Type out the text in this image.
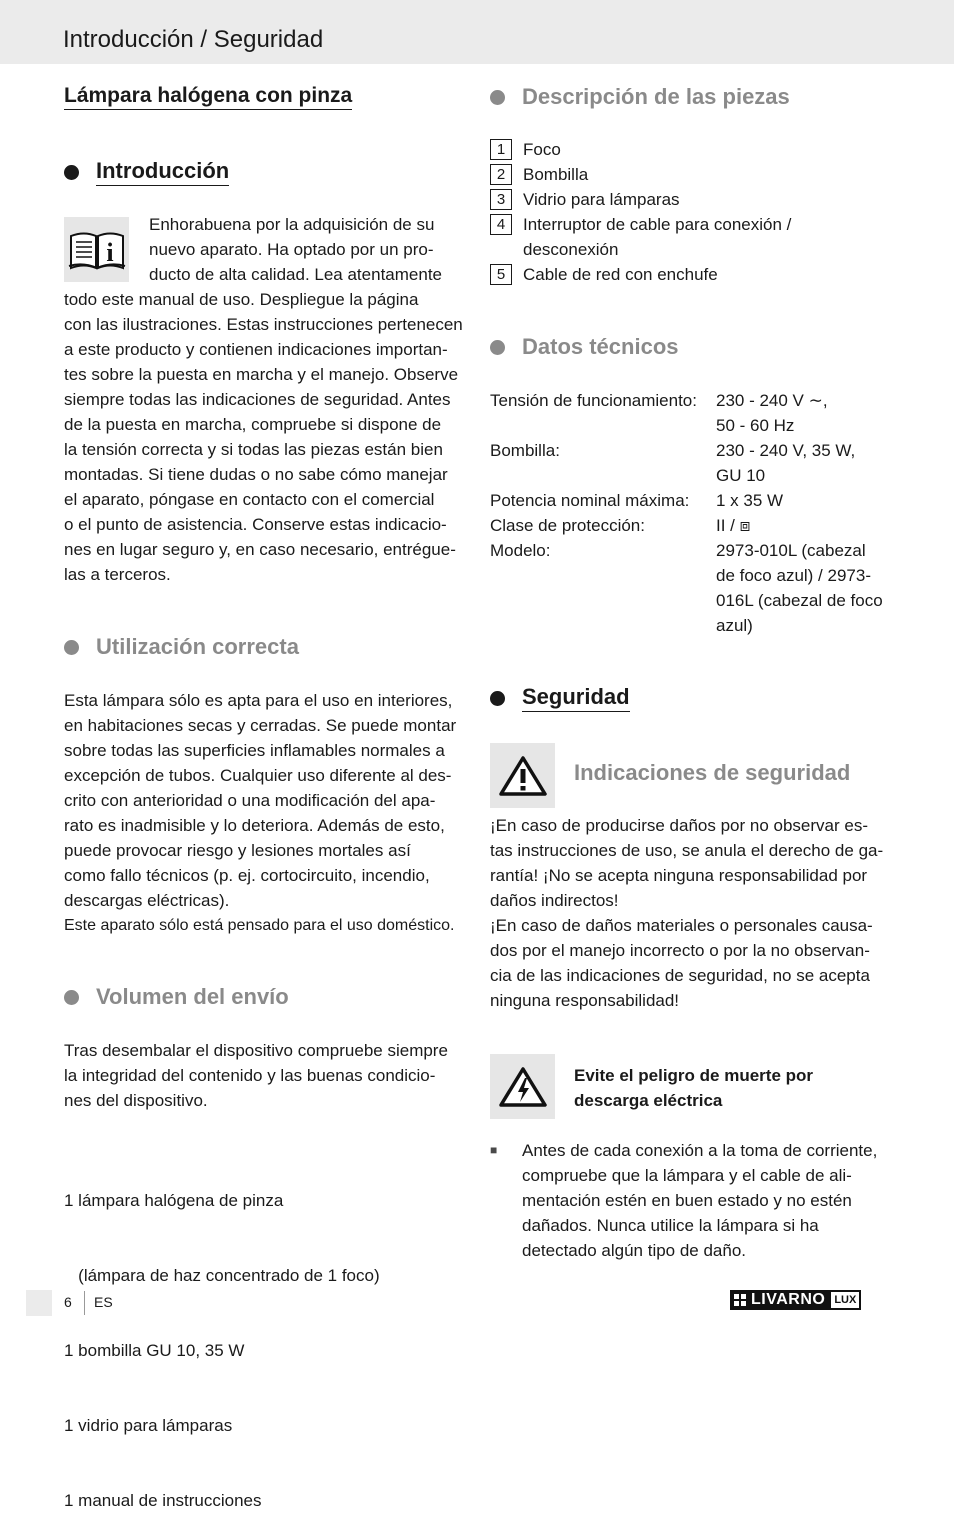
Introducción / Seguridad
Lámpara halógena con pinza
Introducción
i

Enhorabuena por la adquisición de su

nuevo aparato. Ha optado por un pro-

ducto de alta calidad. Lea atentamente

todo este manual de uso. Despliegue la página

con las ilustraciones. Estas instrucciones pertenecen

a este producto y contienen indicaciones importan-

tes sobre la puesta en marcha y el manejo. Observe

siempre todas las indicaciones de seguridad. Antes

de la puesta en marcha, compruebe si dispone de

la tensión correcta y si todas las piezas están bien

montadas. Si tiene dudas o no sabe cómo manejar

el aparato, póngase en contacto con el comercial

o el punto de asistencia. Conserve estas indicacio-

nes en lugar seguro y, en caso necesario, entrégue-

las a terceros.

Utilización correcta

Esta lámpara sólo es apta para el uso en interiores,

en habitaciones secas y cerradas. Se puede montar

sobre todas las superficies inflamables normales a

excepción de tubos. Cualquier uso diferente al des-

crito con anterioridad o una modificación del apa-

rato es inadmisible y lo deteriora. Además de esto,

puede provocar riesgo y lesiones mortales así

como fallo técnicos (p. ej. cortocircuito, incendio,

descargas eléctricas).

Este aparato sólo está pensado para el uso doméstico.

Volumen del envío

Tras desembalar el dispositivo compruebe siempre

la integridad del contenido y las buenas condicio-

nes del dispositivo.

1 lámpara halógena de pinza

(lámpara de haz concentrado de 1 foco)

1 bombilla GU 10, 35 W

1 vidrio para lámparas

1 manual de instrucciones

Descripción de las piezas
1	Foco
2	Bombilla
3	Vidrio para lámparas
4	Interruptor de cable para conexión / desconexión
5	Cable de red con enchufe
Datos técnicos
Tensión de funcionamiento:	230 - 240 V ∼, 50 - 60 Hz
Bombilla:	230 - 240 V, 35 W, GU 10
Potencia nominal máxima:	1 x 35 W
Clase de protección:	II / ⧈
Modelo:	2973-010L (cabezal de foco azul) / 2973-016L (cabezal de foco azul)
Seguridad
Indicaciones de seguridad

¡En caso de producirse daños por no observar es-

tas instrucciones de uso, se anula el derecho de ga-

rantía! ¡No se acepta ninguna responsabilidad por

daños indirectos!

¡En caso de daños materiales o personales causa-

dos por el manejo incorrecto o por la no observan-

cia de las indicaciones de seguridad, no se acepta

ninguna responsabilidad!

Evite el peligro de muerte por descarga eléctrica
■	Antes de cada conexión a la toma de corriente, compruebe que la lámpara y el cable de ali-mentación estén en buen estado y no estén dañados. Nunca utilice la lámpara si ha detectado algún tipo de daño.
6 ES	LIVARNO LUX
